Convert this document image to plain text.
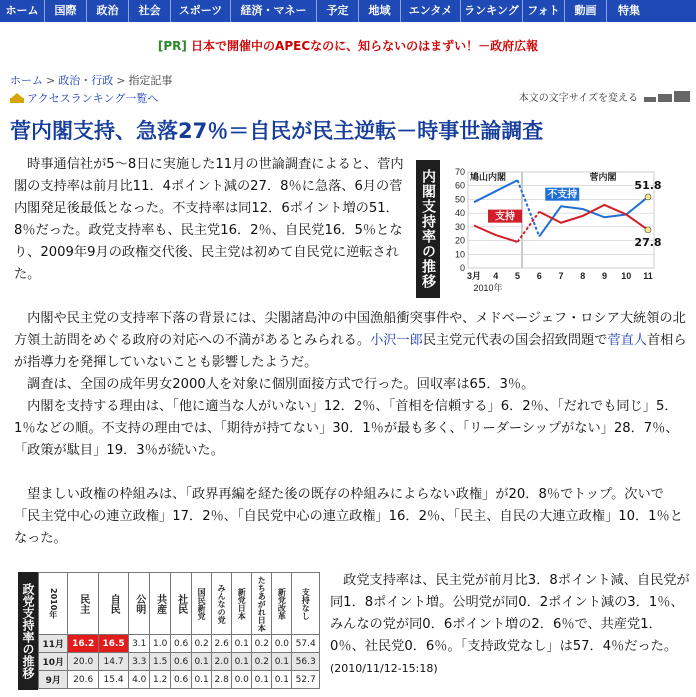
ホーム	国際	政治	社会	スポーツ	経済・マネー	予定	地域	エンタメ	ランキング フォト	動画	特集
[PR] 日本で開催中のAPECなのに、知らないのはまずい！－政府広報
ホーム > 政治・行政 > 指定記事
アクセスランキング一覧へ	本文の文字サイズを変える
菅内閣支持、急落27％＝自民が民主逆転－時事世論調査
　時事通信社が5～8日に実施した11月の世論調査によると、菅内閣の支持率は前月比11．4ポイント減の27．8％に急落、6月の菅内閣発足後最低となった。不支持率は同12．6ポイント増の51．8％だった。政党支持率も、民主党16．2％、自民党16．5％となり、2009年9月の政権交代後、民主党は初めて自民党に逆転された。	内閣支持率の推移	0
10
20
30
40
50
60
70
3月 4 5 6 7 8 9 10 11
2010年
鳩山内閣	菅内閣
不支持
支持
51.8
27.8
　内閣や民主党の支持率下落の背景には、尖閣諸島沖の中国漁船衝突事件や、メドベージェフ・ロシア大統領の北方領土訪問をめぐる政府の対応への不満があるとみられる。小沢一郎民主党元代表の国会招致問題で菅直人首相らが指導力を発揮していないことも影響したようだ。
　調査は、全国の成年男女2000人を対象に個別面接方式で行った。回収率は65．3％。
　内閣を支持する理由は、「他に適当な人がいない」12．2％、「首相を信頼する」6．2％、「だれでも同じ」5．1％などの順。不支持の理由では、「期待が持てない」30．1％が最も多く、「リーダーシップがない」28．7％、「政策が駄目」19．3％が続いた。
　望ましい政権の枠組みは、「政界再編を経た後の既存の枠組みによらない政権」が20．8％でトップ。次いで「民主党中心の連立政権」17．2％、「自民党中心の連立政権」16．2％、「民主、自民の大連立政権」10．1％となった。
政党支持率の推移	2010年	民主	自民	公明	共産	社民	国民新党	みんなの党	新党日本	たちあがれ日本	新党改革	支持なし
11月	16.2	16.5	3.1	1.0	0.6	0.2	2.6	0.1	0.2	0.0	57.4
10月	20.0	14.7	3.3	1.5	0.6	0.1	2.0	0.1	0.2	0.1	56.3
9月	20.6	15.4	4.0	1.2	0.6	0.1	2.8	0.0	0.1	0.1	52.7
　政党支持率は、民主党が前月比3．8ポイント減、自民党が同1．8ポイント増。公明党が同0．2ポイント減の3．1％、みんなの党が同0．6ポイント増の2．6％で、共産党1．0％、社民党0．6％。「支持政党なし」は57．4％だった。(2010/11/12-15:18)
